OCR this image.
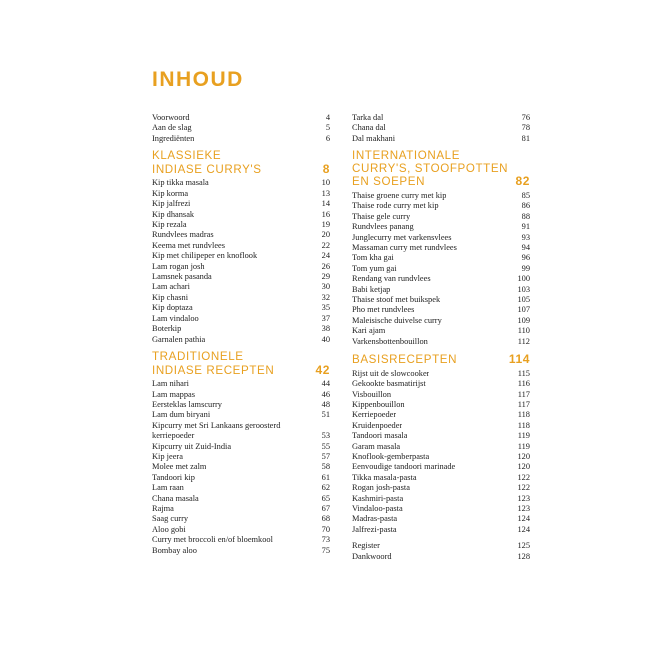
INHOUD
Voorwoord	4
Aan de slag	5
Ingrediënten	6
KLASSIEKE
INDIASE CURRY'S	8
Kip tikka masala	10
Kip korma	13
Kip jalfrezi	14
Kip dhansak	16
Kip rezala	19
Rundvlees madras	20
Keema met rundvlees	22
Kip met chilipeper en knoflook	24
Lam rogan josh	26
Lamsnek pasanda	29
Lam achari	30
Kip chasni	32
Kip doptaza	35
Lam vindaloo	37
Boterkip	38
Garnalen pathia	40
TRADITIONELE
INDIASE RECEPTEN	42
Lam nihari	44
Lam mappas	46
Eersteklas lamscurry	48
Lam dum biryani	51
Kipcurry met Sri Lankaans geroosterd kerriepoeder	53
Kipcurry uit Zuid-India	55
Kip jeera	57
Molee met zalm	58
Tandoori kip	61
Lam raan	62
Chana masala	65
Rajma	67
Saag curry	68
Aloo gobi	70
Curry met broccoli en/of bloemkool	73
Bombay aloo	75
Tarka dal	76
Chana dal	78
Dal makhani	81
INTERNATIONALE
CURRY'S, STOOFPOTTEN
EN SOEPEN	82
Thaise groene curry met kip	85
Thaise rode curry met kip	86
Thaise gele curry	88
Rundvlees panang	91
Junglecurry met varkensvlees	93
Massaman curry met rundvlees	94
Tom kha gai	96
Tom yum gai	99
Rendang van rundvlees	100
Babi ketjap	103
Thaise stoof met buikspek	105
Pho met rundvlees	107
Maleisische duivelse curry	109
Kari ajam	110
Varkensbottenbouillon	112
BASISRECEPTEN	114
Rijst uit de slowcooker	115
Gekookte basmatirijst	116
Visbouillon	117
Kippenbouillon	117
Kerriepoeder	118
Kruidenpoeder	118
Tandoori masala	119
Garam masala	119
Knoflook-gemberpasta	120
Eenvoudige tandoori marinade	120
Tikka masala-pasta	122
Rogan josh-pasta	122
Kashmiri-pasta	123
Vindaloo-pasta	123
Madras-pasta	124
Jalfrezi-pasta	124
Register	125
Dankwoord	128
